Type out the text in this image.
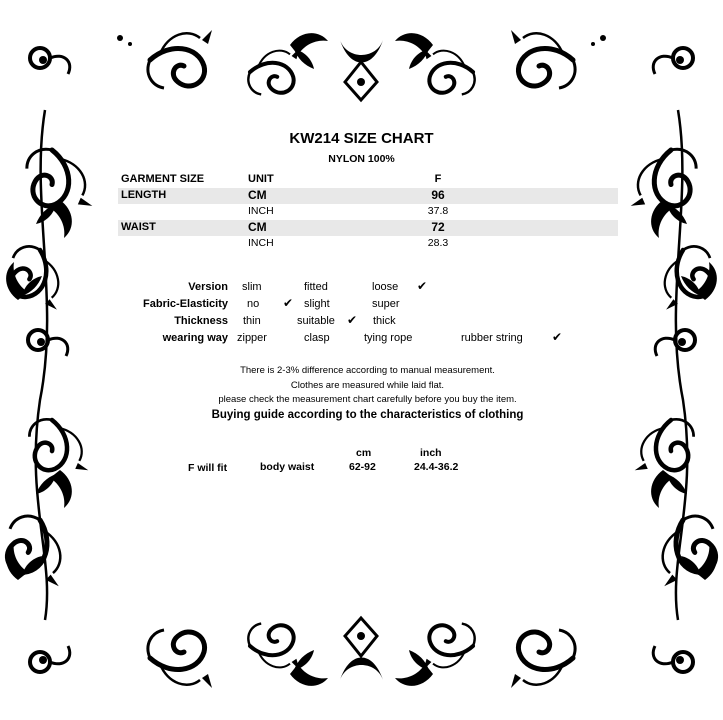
KW214 SIZE CHART
NYLON 100%
GARMENT SIZE	UNIT	F
LENGTH	CM	96
INCH	37.8
WAIST	CM	72
INCH	28.3
Version slim	fitted	loose ✔
Fabric-Elasticity no ✔ slight	super
Thickness thin	suitable ✔ thick
wearing way zipper	clasp	tying rope	rubber string ✔
There is 2-3% difference according to manual measurement.
Clothes are measured while laid flat.
please check the measurement chart carefully before you buy the item.
Buying guide according to the characteristics of clothing
cm	inch
F will fit	body waist	62-92	24.4-36.2
